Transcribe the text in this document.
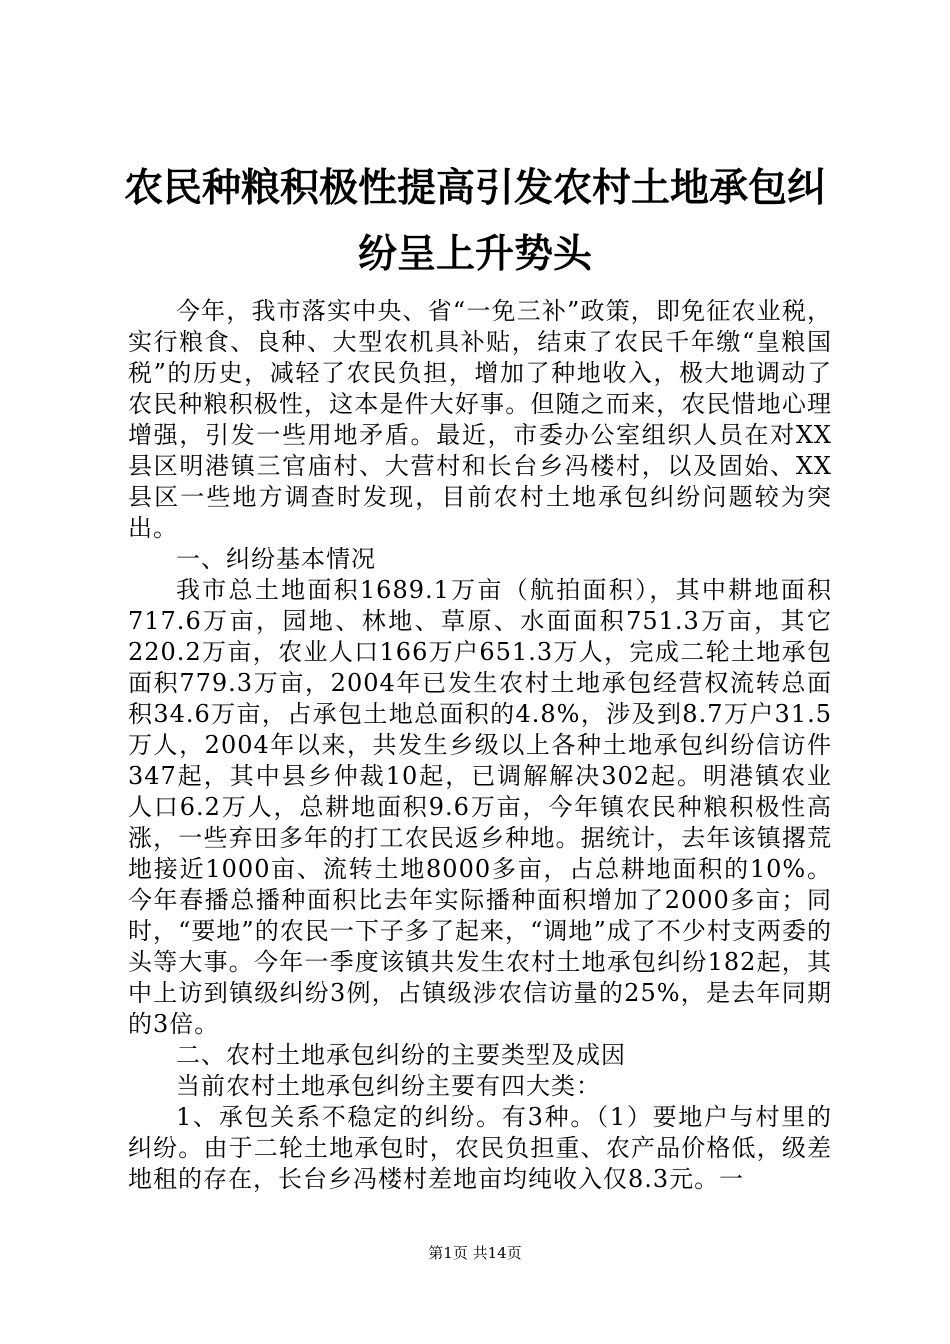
农民种粮积极性提高引发农村土地承包纠纷呈上升势头

今年，我市落实中央、省“一免三补”政策，即免征农业税，实行粮食、良种、大型农机具补贴，结束了农民千年缴“皇粮国税”的历史，减轻了农民负担，增加了种地收入，极大地调动了农民种粮积极性，这本是件大好事。但随之而来，农民惜地心理增强，引发一些用地矛盾。最近，市委办公室组织人员在对XX县区明港镇三官庙村、大营村和长台乡冯楼村，以及固始、XX县区一些地方调查时发现，目前农村土地承包纠纷问题较为突出。

一、纠纷基本情况

我市总土地面积1689.1万亩（航拍面积），其中耕地面积717.6万亩，园地、林地、草原、水面面积751.3万亩，其它220.2万亩，农业人口166万户651.3万人，完成二轮土地承包面积779.3万亩，2004年已发生农村土地承包经营权流转总面积34.6万亩，占承包土地总面积的4.8%，涉及到8.7万户31.5万人，2004年以来，共发生乡级以上各种土地承包纠纷信访件347起，其中县乡仲裁10起，已调解解决302起。明港镇农业人口6.2万人，总耕地面积9.6万亩，今年镇农民种粮积极性高涨，一些弃田多年的打工农民返乡种地。据统计，去年该镇撂荒地接近1000亩、流转土地8000多亩，占总耕地面积的10%。今年春播总播种面积比去年实际播种面积增加了2000多亩；同时，“要地”的农民一下子多了起来，“调地”成了不少村支两委的头等大事。今年一季度该镇共发生农村土地承包纠纷182起，其中上访到镇级纠纷3例，占镇级涉农信访量的25%，是去年同期的3倍。

二、农村土地承包纠纷的主要类型及成因

当前农村土地承包纠纷主要有四大类：

1、承包关系不稳定的纠纷。有3种。（1）要地户与村里的纠纷。由于二轮土地承包时，农民负担重、农产品价格低，级差地租的存在，长台乡冯楼村差地亩均纯收入仅8.3元。一

第1页 共14页
